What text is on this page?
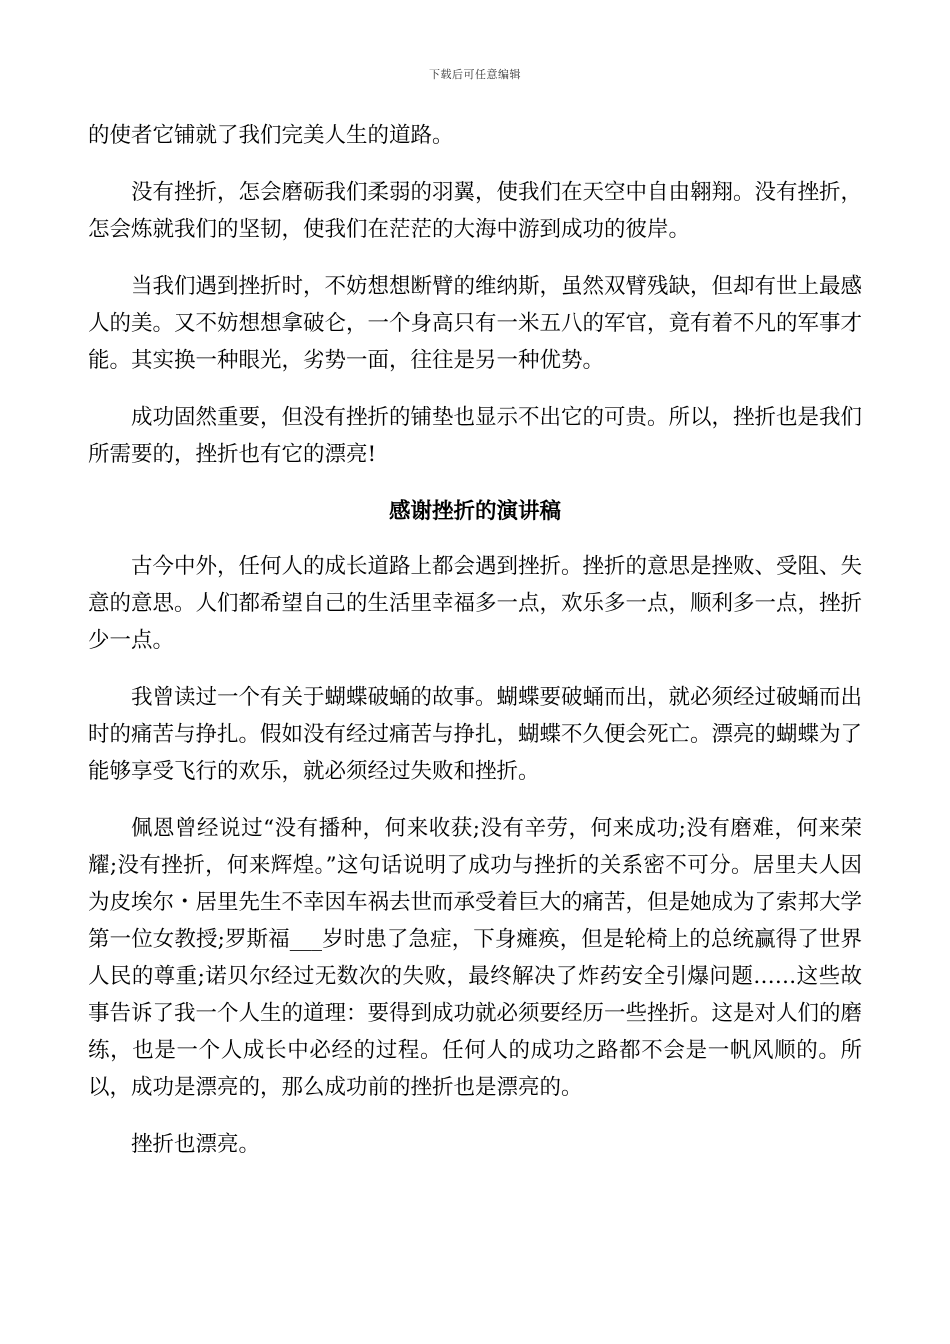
下载后可任意编辑

的使者它铺就了我们完美人生的道路。

没有挫折，怎会磨砺我们柔弱的羽翼，使我们在天空中自由翱翔。没有挫折，怎会炼就我们的坚韧，使我们在茫茫的大海中游到成功的彼岸。

当我们遇到挫折时，不妨想想断臂的维纳斯，虽然双臂残缺，但却有世上最感人的美。又不妨想想拿破仑，一个身高只有一米五八的军官，竟有着不凡的军事才能。其实换一种眼光，劣势一面，往往是另一种优势。

成功固然重要，但没有挫折的铺垫也显示不出它的可贵。所以，挫折也是我们所需要的，挫折也有它的漂亮!

感谢挫折的演讲稿

古今中外，任何人的成长道路上都会遇到挫折。挫折的意思是挫败、受阻、失意的意思。人们都希望自己的生活里幸福多一点，欢乐多一点，顺利多一点，挫折少一点。

我曾读过一个有关于蝴蝶破蛹的故事。蝴蝶要破蛹而出，就必须经过破蛹而出时的痛苦与挣扎。假如没有经过痛苦与挣扎，蝴蝶不久便会死亡。漂亮的蝴蝶为了能够享受飞行的欢乐，就必须经过失败和挫折。

佩恩曾经说过“没有播种，何来收获;没有辛劳，何来成功;没有磨难，何来荣耀;没有挫折，何来辉煌。”这句话说明了成功与挫折的关系密不可分。居里夫人因为皮埃尔・居里先生不幸因车祸去世而承受着巨大的痛苦，但是她成为了索邦大学第一位女教授;罗斯福___岁时患了急症，下身瘫痪，但是轮椅上的总统赢得了世界人民的尊重;诺贝尔经过无数次的失败，最终解决了炸药安全引爆问题……这些故事告诉了我一个人生的道理：要得到成功就必须要经历一些挫折。这是对人们的磨练，也是一个人成长中必经的过程。任何人的成功之路都不会是一帆风顺的。所以，成功是漂亮的，那么成功前的挫折也是漂亮的。

挫折也漂亮。
